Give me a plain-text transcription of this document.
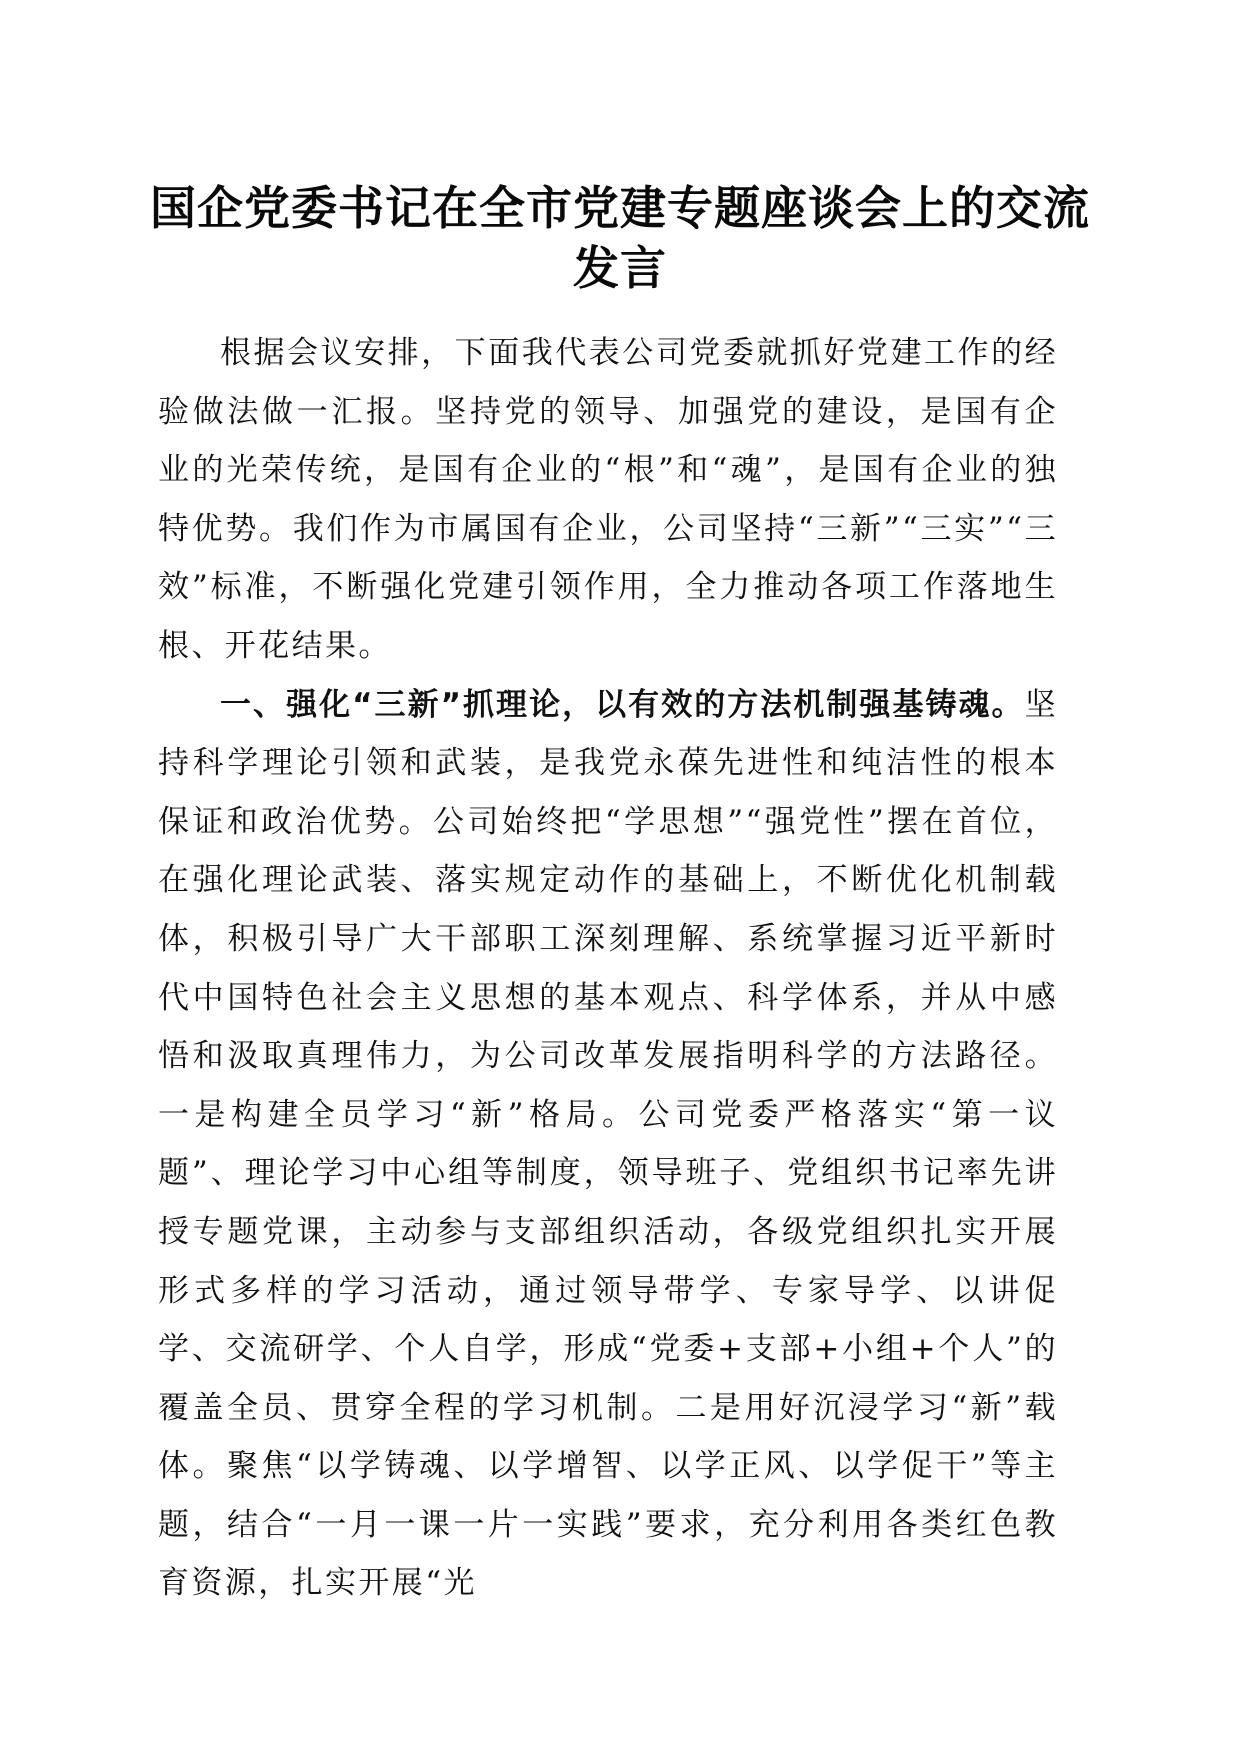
国企党委书记在全市党建专题座谈会上的交流发言

根据会议安排，下面我代表公司党委就抓好党建工作的经验做法做一汇报。坚持党的领导、加强党的建设，是国有企业的光荣传统，是国有企业的“根”和“魂”，是国有企业的独特优势。我们作为市属国有企业，公司坚持“三新”“三实”“三效”标准，不断强化党建引领作用，全力推动各项工作落地生根、开花结果。

一、强化“三新”抓理论，以有效的方法机制强基铸魂。坚持科学理论引领和武装，是我党永葆先进性和纯洁性的根本保证和政治优势。公司始终把“学思想”“强党性”摆在首位，在强化理论武装、落实规定动作的基础上，不断优化机制载体，积极引导广大干部职工深刻理解、系统掌握习近平新时代中国特色社会主义思想的基本观点、科学体系，并从中感悟和汲取真理伟力，为公司改革发展指明科学的方法路径。一是构建全员学习“新”格局。公司党委严格落实“第一议题”、理论学习中心组等制度，领导班子、党组织书记率先讲授专题党课，主动参与支部组织活动，各级党组织扎实开展形式多样的学习活动，通过领导带学、专家导学、以讲促学、交流研学、个人自学，形成“党委+支部+小组+个人”的覆盖全员、贯穿全程的学习机制。二是用好沉浸学习“新”载体。聚焦“以学铸魂、以学增智、以学正风、以学促干”等主题，结合“一月一课一片一实践”要求，充分利用各类红色教育资源，扎实开展“光
